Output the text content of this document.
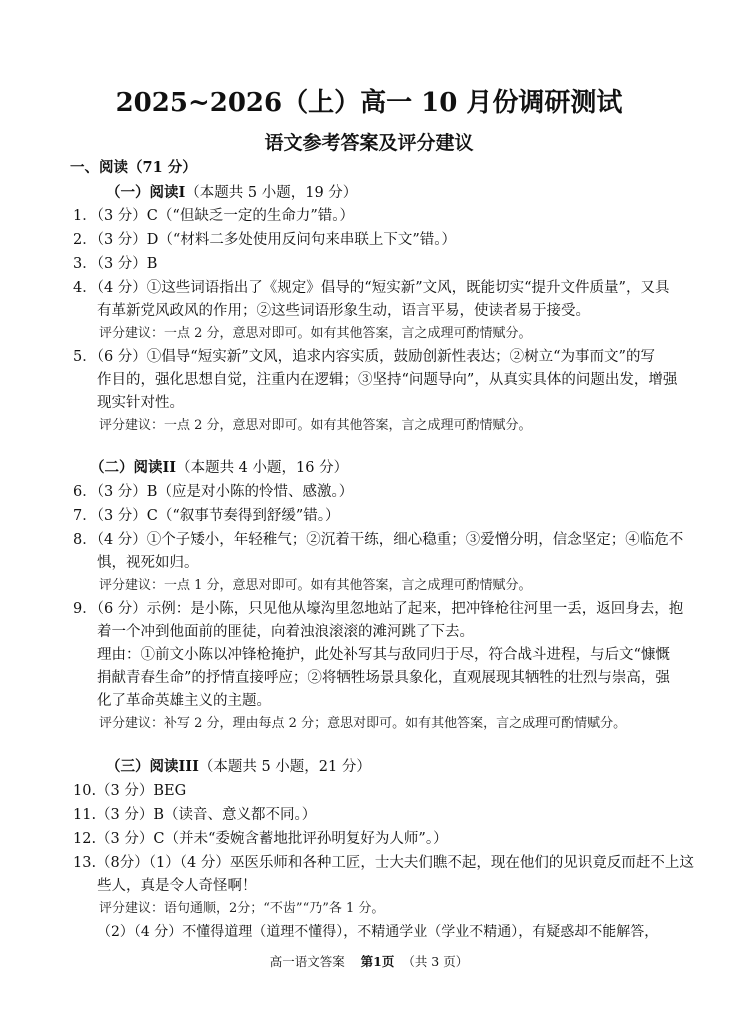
2025~2026（上）高一 10 月份调研测试
语文参考答案及评分建议
一、阅读（71 分）
（一）阅读I（本题共 5 小题，19 分）
1．（3 分）C（“但缺乏一定的生命力”错。）
2．（3 分）D（“材料二多处使用反问句来串联上下文”错。）
3．（3 分）B
4．（4 分）①这些词语指出了《规定》倡导的“短实新”文风，既能切实“提升文件质量”，又具
有革新党风政风的作用；②这些词语形象生动，语言平易，使读者易于接受。
评分建议：一点 2 分，意思对即可。如有其他答案，言之成理可酌情赋分。
5．（6 分）①倡导“短实新”文风，追求内容实质，鼓励创新性表达；②树立“为事而文”的写
作目的，强化思想自觉，注重内在逻辑；③坚持“问题导向”，从真实具体的问题出发，增强
现实针对性。
评分建议：一点 2 分，意思对即可。如有其他答案，言之成理可酌情赋分。
（二）阅读II（本题共 4 小题，16 分）
6．（3 分）B（应是对小陈的怜惜、感激。）
7．（3 分）C（“叙事节奏得到舒缓”错。）
8．（4 分）①个子矮小，年轻稚气；②沉着干练，细心稳重；③爱憎分明，信念坚定；④临危不
惧，视死如归。
评分建议：一点 1 分，意思对即可。如有其他答案，言之成理可酌情赋分。
9．（6 分）示例：是小陈，只见他从壕沟里忽地站了起来，把冲锋枪往河里一丢，返回身去，抱
着一个冲到他面前的匪徒，向着浊浪滚滚的滩河跳了下去。
理由：①前文小陈以冲锋枪掩护，此处补写其与敌同归于尽，符合战斗进程，与后文“慷慨
捐献青春生命”的抒情直接呼应；②将牺牲场景具象化，直观展现其牺牲的壮烈与崇高，强
化了革命英雄主义的主题。
评分建议：补写 2 分，理由每点 2 分；意思对即可。如有其他答案，言之成理可酌情赋分。
（三）阅读III（本题共 5 小题，21 分）
10.（3 分）BEG
11.（3 分）B（读音、意义都不同。）
12.（3 分）C（并未“委婉含蓄地批评孙明复好为人师”。）
13.（8分）（1）（4 分）巫医乐师和各种工匠，士大夫们瞧不起，现在他们的见识竟反而赶不上这
些人，真是令人奇怪啊！
评分建议：语句通顺，2分；“不齿”“乃”各 1 分。
（2）（4 分）不懂得道理（道理不懂得），不精通学业（学业不精通），有疑惑却不能解答，
高一语文答案 第1页 （共 3 页）
